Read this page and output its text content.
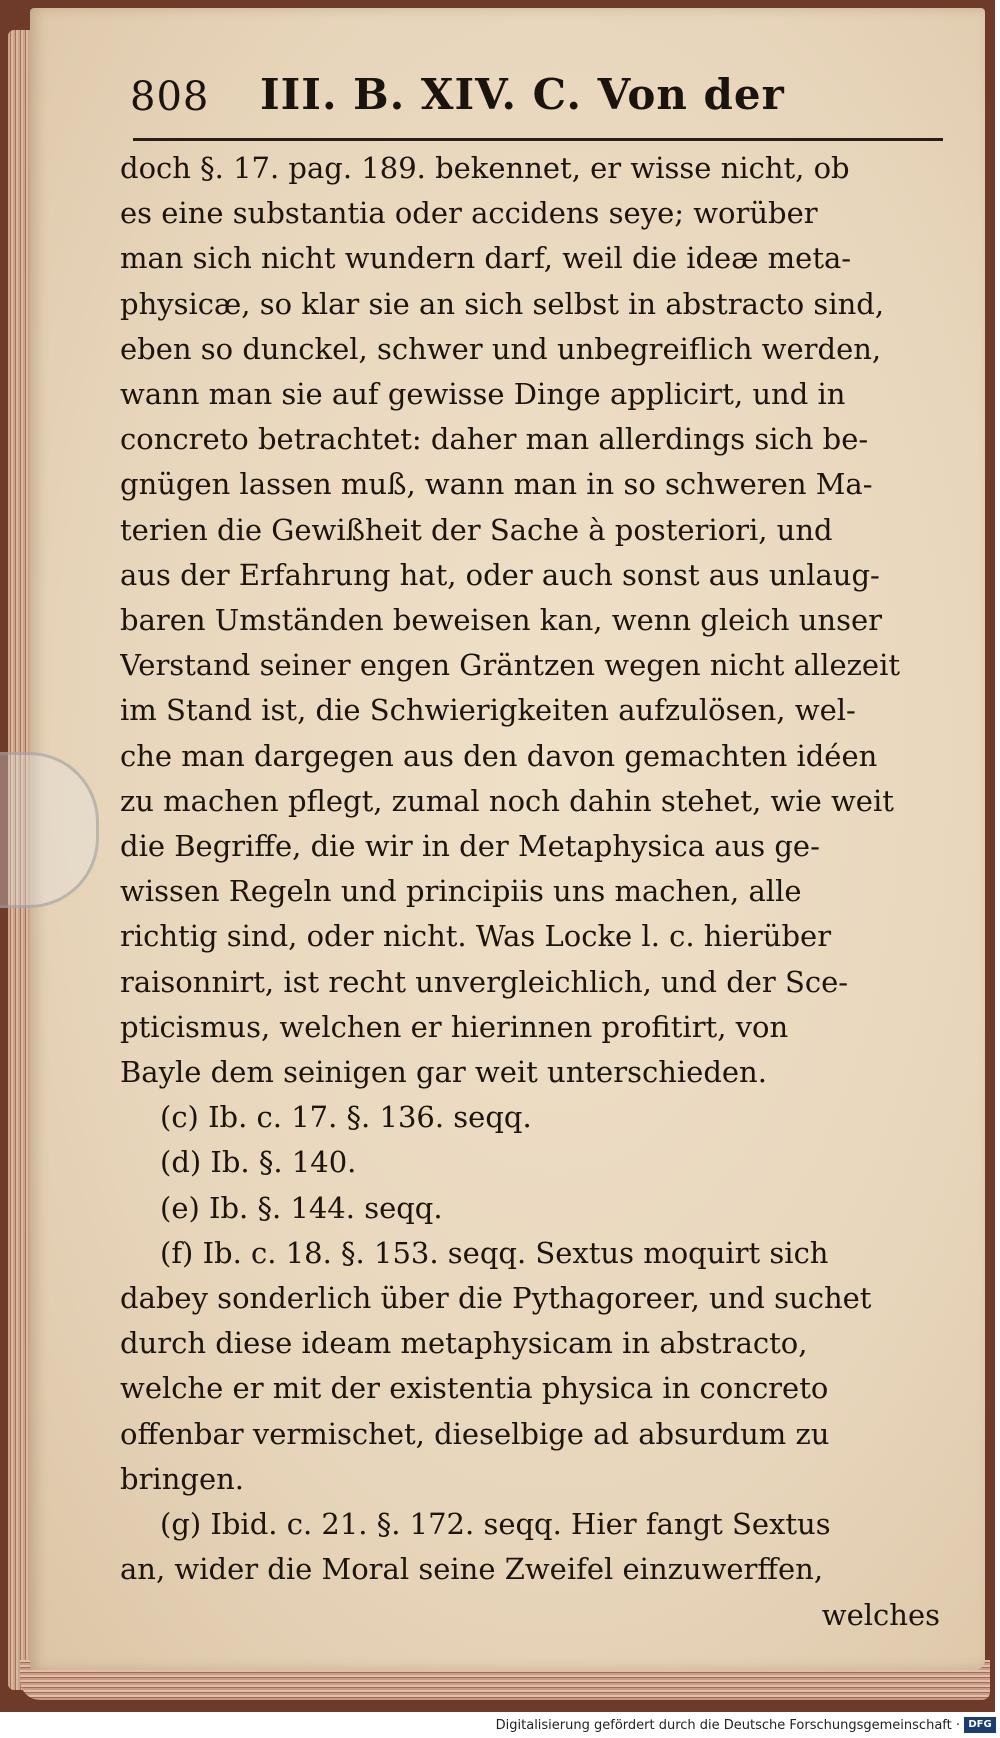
808 III. B. XIV. C. Von der

doch §. 17. pag. 189. bekennet, er wisse nicht, ob
es eine substantia oder accidens seye; worüber
man sich nicht wundern darf, weil die ideæ meta-
physicæ, so klar sie an sich selbst in abstracto sind,
eben so dunckel, schwer und unbegreiflich werden,
wann man sie auf gewisse Dinge applicirt, und in
concreto betrachtet: daher man allerdings sich be-
gnügen lassen muß, wann man in so schweren Ma-
terien die Gewißheit der Sache à posteriori, und
aus der Erfahrung hat, oder auch sonst aus unlaug-
baren Umständen beweisen kan, wenn gleich unser
Verstand seiner engen Gräntzen wegen nicht allezeit
im Stand ist, die Schwierigkeiten aufzulösen, wel-
che man dargegen aus den davon gemachten idéen
zu machen pflegt, zumal noch dahin stehet, wie weit
die Begriffe, die wir in der Metaphysica aus ge-
wissen Regeln und principiis uns machen, alle
richtig sind, oder nicht. Was Locke l. c. hierüber
raisonnirt, ist recht unvergleichlich, und der Sce-
pticismus, welchen er hierinnen profitirt, von
Bayle dem seinigen gar weit unterschieden.

(c) Ib. c. 17. §. 136. seqq.
(d) Ib. §. 140.
(e) Ib. §. 144. seqq.
(f) Ib. c. 18. §. 153. seqq. Sextus moquirt sich
dabey sonderlich über die Pythagoreer, und suchet
durch diese ideam metaphysicam in abstracto,
welche er mit der existentia physica in concreto
offenbar vermischet, dieselbige ad absurdum zu
bringen.
(g) Ibid. c. 21. §. 172. seqq. Hier fangt Sextus
an, wider die Moral seine Zweifel einzuwerffen,
welches

Digitalisierung gefördert durch die Deutsche Forschungsgemeinschaft · DFG
